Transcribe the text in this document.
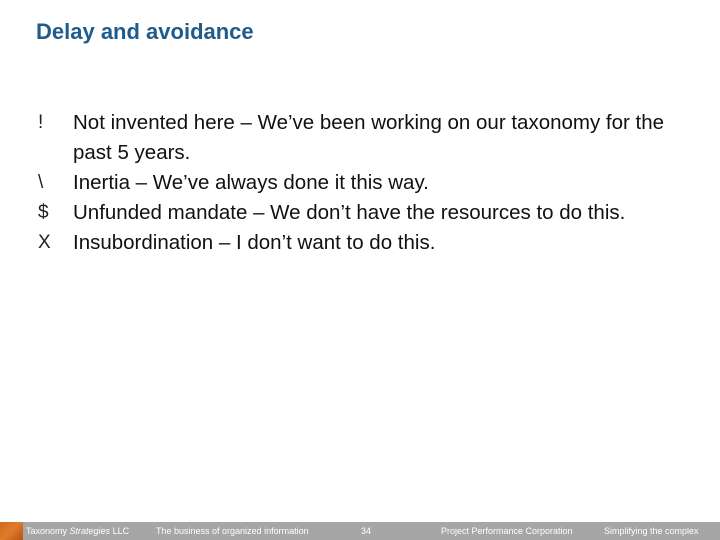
Delay and avoidance
!	Not invented here – We’ve been working on our taxonomy for the past 5 years.
\	Inertia – We’ve always done it this way.
$	Unfunded mandate – We don’t have the resources to do this.
X	Insubordination – I don’t want to do this.
Taxonomy Strategies LLC	The business of organized information	34	Project Performance Corporation	Simplifying the complex
